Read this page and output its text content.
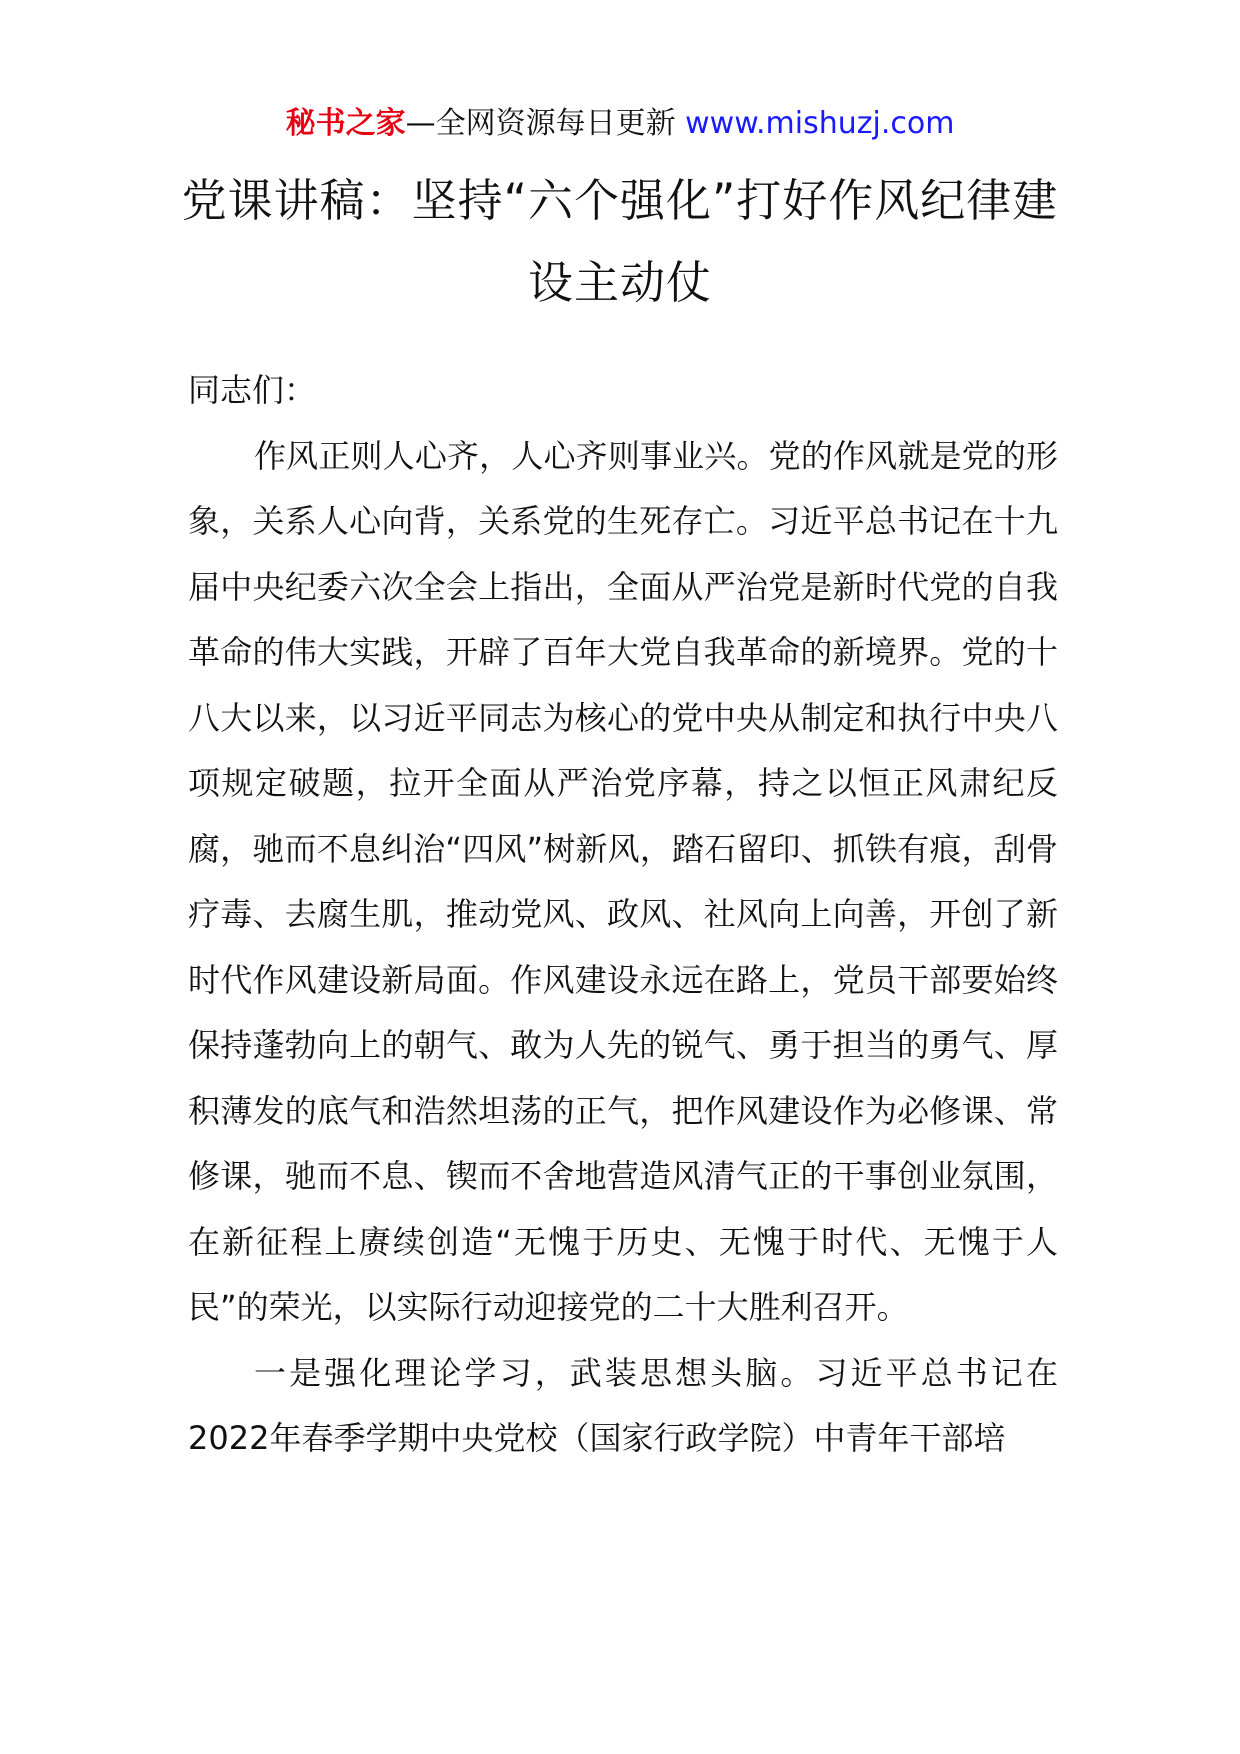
秘书之家—全网资源每日更新 www.mishuzj.com
党课讲稿：坚持“六个强化”打好作风纪律建设主动仗

同志们：

作风正则人心齐，人心齐则事业兴。党的作风就是党的形象，关系人心向背，关系党的生死存亡。习近平总书记在十九届中央纪委六次全会上指出，全面从严治党是新时代党的自我革命的伟大实践，开辟了百年大党自我革命的新境界。党的十八大以来，以习近平同志为核心的党中央从制定和执行中央八项规定破题，拉开全面从严治党序幕，持之以恒正风肃纪反腐，驰而不息纠治“四风”树新风，踏石留印、抓铁有痕，刮骨疗毒、去腐生肌，推动党风、政风、社风向上向善，开创了新时代作风建设新局面。作风建设永远在路上，党员干部要始终保持蓬勃向上的朝气、敢为人先的锐气、勇于担当的勇气、厚积薄发的底气和浩然坦荡的正气，把作风建设作为必修课、常修课，驰而不息、锲而不舍地营造风清气正的干事创业氛围，在新征程上赓续创造“无愧于历史、无愧于时代、无愧于人民”的荣光，以实际行动迎接党的二十大胜利召开。

一是强化理论学习，武装思想头脑。习近平总书记在2022年春季学期中央党校（国家行政学院）中青年干部培
